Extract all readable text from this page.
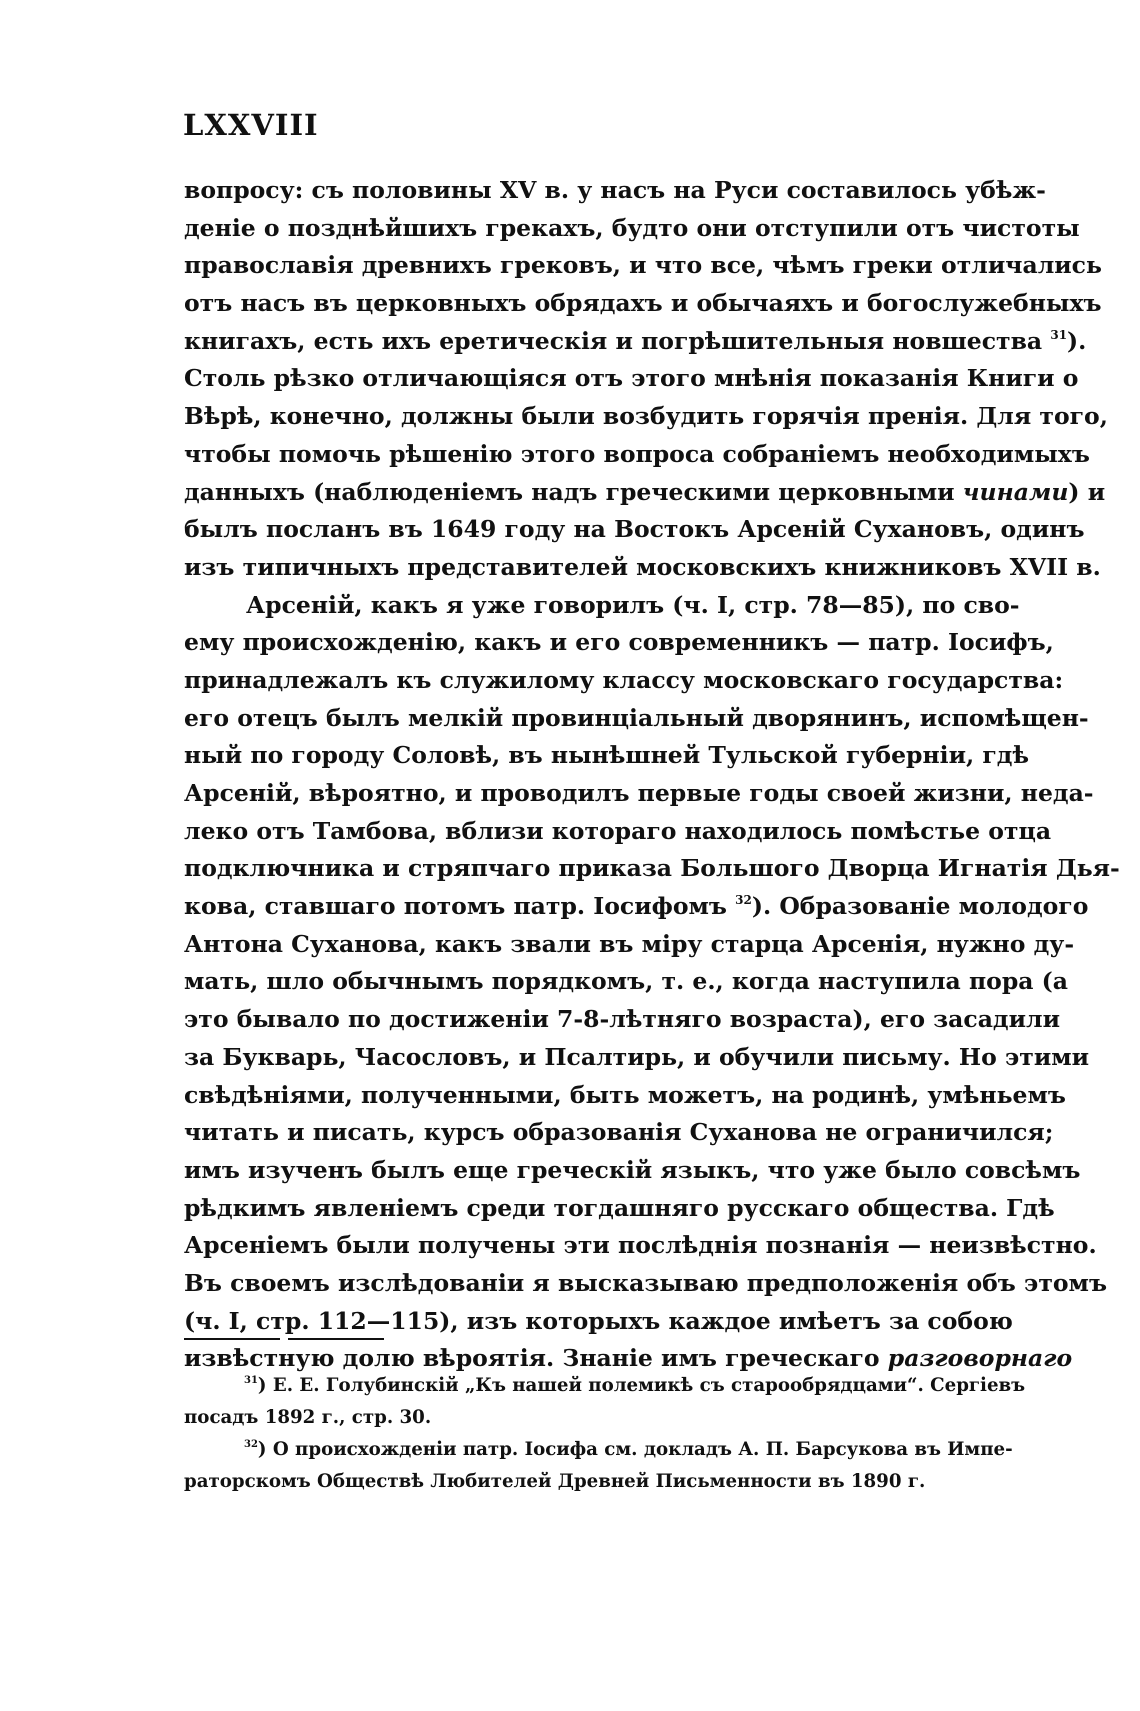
LXXVIII
вопросу: съ половины XV в. у насъ на Руси составилось убѣж-
деніе о позднѣйшихъ грекахъ, будто они отступили отъ чистоты
православія древнихъ грековъ, и что все, чѣмъ греки отличались
отъ насъ въ церковныхъ обрядахъ и обычаяхъ и богослужебныхъ
книгахъ, есть ихъ еретическія и погрѣшительныя новшества $^{31}$).
Столь рѣзко отличающіяся отъ этого мнѣнія показанія Книги о
Вѣрѣ, конечно, должны были возбудить горячія пренія. Для того,
чтобы помочь рѣшенію этого вопроса собраніемъ необходимыхъ
данныхъ (наблюденіемъ надъ греческими церковными чинами) и
былъ посланъ въ 1649 году на Востокъ Арсеній Сухановъ, одинъ
изъ типичныхъ представителей московскихъ книжниковъ XVII в.
Арсеній, какъ я уже говорилъ (ч. I, стр. 78—85), по сво-
ему происхожденію, какъ и его современникъ — патр. Іосифъ,
принадлежалъ къ служилому классу московскаго государства:
его отецъ былъ мелкій провинціальный дворянинъ, испомѣщен-
ный по городу Соловѣ, въ нынѣшней Тульской губерніи, гдѣ
Арсеній, вѣроятно, и проводилъ первые годы своей жизни, неда-
леко отъ Тамбова, вблизи котораго находилось помѣстье отца
подключника и стряпчаго приказа Большого Дворца Игнатія Дья-
кова, ставшаго потомъ патр. Іосифомъ $^{32}$). Образованіе молодого
Антона Суханова, какъ звали въ міру старца Арсенія, нужно ду-
мать, шло обычнымъ порядкомъ, т. е., когда наступила пора (а
это бывало по достиженіи 7-8-лѣтняго возраста), его засадили
за Букварь, Часословъ, и Псалтирь, и обучили письму. Но этими
свѣдѣніями, полученными, быть можетъ, на родинѣ, умѣньемъ
читать и писать, курсъ образованія Суханова не ограничился;
имъ изученъ былъ еще греческій языкъ, что уже было совсѣмъ
рѣдкимъ явленіемъ среди тогдашняго русскаго общества. Гдѣ
Арсеніемъ были получены эти послѣднія познанія — неизвѣстно.
Въ своемъ изслѣдованіи я высказываю предположенія объ этомъ
(ч. I, стр. 112—115), изъ которыхъ каждое имѣетъ за собою
извѣстную долю вѣроятія. Знаніе имъ греческаго разговорнаго
$^{31}$) Е. Е. Голубинскій „Къ нашей полемикѣ съ старообрядцами“. Сергіевъ
посадъ 1892 г., стр. 30.
$^{32}$) О происхожденіи патр. Іосифа см. докладъ А. П. Барсукова въ Импе-
раторскомъ Обществѣ Любителей Древней Письменности въ 1890 г.
